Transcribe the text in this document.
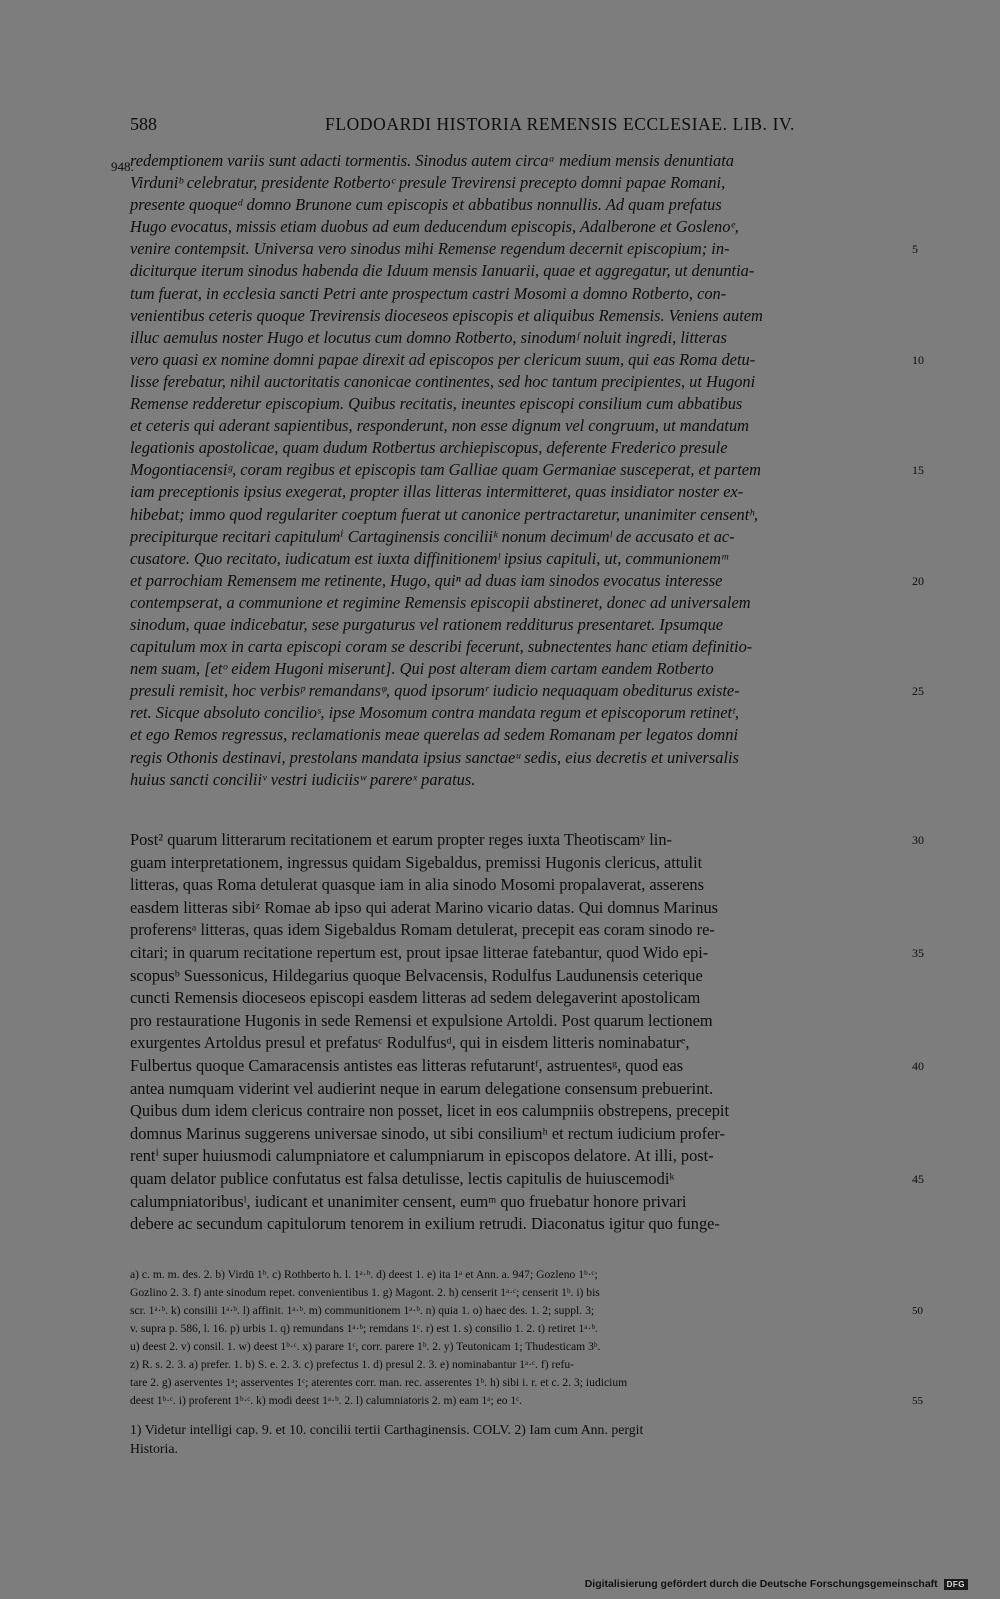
588	FLODOARDI HISTORIA REMENSIS ECCLESIAE. LIB. IV.
948.
redemptionem variis sunt adacti tormentis. Sinodus autem circaᵃ medium mensis denuntiata
Virduniᵇ celebratur, presidente Rotbertoᶜ presule Trevirensi precepto domni papae Romani,
presente quoqueᵈ domno Brunone cum episcopis et abbatibus nonnullis. Ad quam prefatus
Hugo evocatus, missis etiam duobus ad eum deducendum episcopis, Adalberone et Goslenoᵉ,
venire contempsit. Universa vero sinodus mihi Remense regendum decernit episcopium; in-	5
diciturque iterum sinodus habenda die Iduum mensis Ianuarii, quae et aggregatur, ut denuntia-
tum fuerat, in ecclesia sancti Petri ante prospectum castri Mosomi a domno Rotberto, con-
venientibus ceteris quoque Trevirensis dioceseos episcopis et aliquibus Remensis. Veniens autem
illuc aemulus noster Hugo et locutus cum domno Rotberto, sinodumᶠ noluit ingredi, litteras
vero quasi ex nomine domni papae direxit ad episcopos per clericum suum, qui eas Roma detu-	10
lisse ferebatur, nihil auctoritatis canonicae continentes, sed hoc tantum precipientes, ut Hugoni
Remense redderetur episcopium. Quibus recitatis, ineuntes episcopi consilium cum abbatibus
et ceteris qui aderant sapientibus, responderunt, non esse dignum vel congruum, ut mandatum
legationis apostolicae, quam dudum Rotbertus archiepiscopus, deferente Frederico presule
Mogontiacensiᵍ, coram regibus et episcopis tam Galliae quam Germaniae susceperat, et partem	15
iam preceptionis ipsius exegerat, propter illas litteras intermitteret, quas insidiator noster ex-
hibebat; immo quod regulariter coeptum fuerat ut canonice pertractaretur, unanimiter censentʰ,
precipiturque recitari capitulumⁱ Cartaginensis conciliiᵏ nonum decimumˡ de accusato et ac-
cusatore. Quo recitato, iudicatum est iuxta diffinitionemˡ ipsius capituli, ut, communionemᵐ
et parrochiam Remensem me retinente, Hugo, quiⁿ ad duas iam sinodos evocatus interesse	20
contempserat, a communione et regimine Remensis episcopii abstineret, donec ad universalem
sinodum, quae indicebatur, sese purgaturus vel rationem redditurus presentaret. Ipsumque
capitulum mox in carta episcopi coram se describi fecerunt, subnectentes hanc etiam definitio-
nem suam, [etᵒ eidem Hugoni miserunt]. Qui post alteram diem cartam eandem Rotberto
presuli remisit, hoc verbisᵖ remandansᵠ, quod ipsorumʳ iudicio nequaquam obediturus existe-	25
ret. Sicque absoluto concilioˢ, ipse Mosomum contra mandata regum et episcoporum retinetᵗ,
et ego Remos regressus, reclamationis meae querelas ad sedem Romanam per legatos domni
regis Othonis destinavi, prestolans mandata ipsius sanctaeᵘ sedis, eius decretis et universalis
huius sancti conciliiᵛ vestri iudiciisʷ parereˣ paratus.
Post² quarum litterarum recitationem et earum propter reges iuxta Theotiscamʸ lin-	30
guam interpretationem, ingressus quidam Sigebaldus, premissi Hugonis clericus, attulit
litteras, quas Roma detulerat quasque iam in alia sinodo Mosomi propalaverat, asserens
easdem litteras sibiᶻ Romae ab ipso qui aderat Marino vicario datas. Qui domnus Marinus
proferensᵃ litteras, quas idem Sigebaldus Romam detulerat, precepit eas coram sinodo re-
citari; in quarum recitatione repertum est, prout ipsae litterae fatebantur, quod Wido epi-	35
scopusᵇ Suessonicus, Hildegarius quoque Belvacensis, Rodulfus Laudunensis ceterique
cuncti Remensis dioceseos episcopi easdem litteras ad sedem delegaverint apostolicam
pro restauratione Hugonis in sede Remensi et expulsione Artoldi. Post quarum lectionem
exurgentes Artoldus presul et prefatusᶜ Rodulfusᵈ, qui in eisdem litteris nominabaturᵉ,
Fulbertus quoque Camaracensis antistes eas litteras refutaruntᶠ, astruentesᵍ, quod eas	40
antea numquam viderint vel audierint neque in earum delegatione consensum prebuerint.
Quibus dum idem clericus contraire non posset, licet in eos calumpniis obstrepens, precepit
domnus Marinus suggerens universae sinodo, ut sibi consiliumʰ et rectum iudicium profer-
rentⁱ super huiusmodi calumpniatore et calumpniarum in episcopos delatore. At illi, post-
quam delator publice confutatus est falsa detulisse, lectis capitulis de huiuscemodiᵏ	45
calumpniatoribusˡ, iudicant et unanimiter censent, eumᵐ quo fruebatur honore privari
debere ac secundum capitulorum tenorem in exilium retrudi. Diaconatus igitur quo funge-
a) c. m. m. des. 2. b) Virdū 1ᵇ. c) Rothberto h. l. 1ᵃ·ᵇ. d) deest 1. e) ita 1ᵃ et Ann. a. 947; Gozleno 1ᵇ·ᶜ;
Gozlino 2. 3. f) ante sinodum repet. convenientibus 1. g) Magont. 2. h) censerit 1ᵃ·ᶜ; censerit 1ᵇ. i) bis
scr. 1ᵃ·ᵇ. k) consilii 1ᵃ·ᵇ. l) affinit. 1ᵃ·ᵇ. m) communitionem 1ᵃ·ᵇ. n) quia 1. o) haec des. 1. 2; suppl. 3;	50
v. supra p. 586, l. 16. p) urbis 1. q) remundans 1ᵃ·ᵇ; remdans 1ᶜ. r) est 1. s) consilio 1. 2. t) retiret 1ᵃ·ᵇ.
u) deest 2. v) consil. 1. w) deest 1ᵇ·ᶜ. x) parare 1ᶜ, corr. parere 1ᵇ. 2. y) Teutonicam 1; Thudesticam 3ᵇ.
z) R. s. 2. 3. a) prefer. 1. b) S. e. 2. 3. c) prefectus 1. d) presul 2. 3. e) nominabantur 1ᵃ·ᶜ. f) refu-
tare 2. g) aserventes 1ᵃ; asserventes 1ᶜ; aterentes corr. man. rec. asserentes 1ᵇ. h) sibi i. r. et c. 2. 3; iudicium
deest 1ᵇ·ᶜ. i) proferent 1ᵇ·ᶜ. k) modi deest 1ᵃ·ᵇ. 2. l) calumniatoris 2. m) eam 1ᵃ; eo 1ᶜ.	55
1) Videtur intelligi cap. 9. et 10. concilii tertii Carthaginensis. COLV. 2) Iam cum Ann. pergit
Historia.
Digitalisierung gefördert durch die Deutsche Forschungsgemeinschaft DFG
